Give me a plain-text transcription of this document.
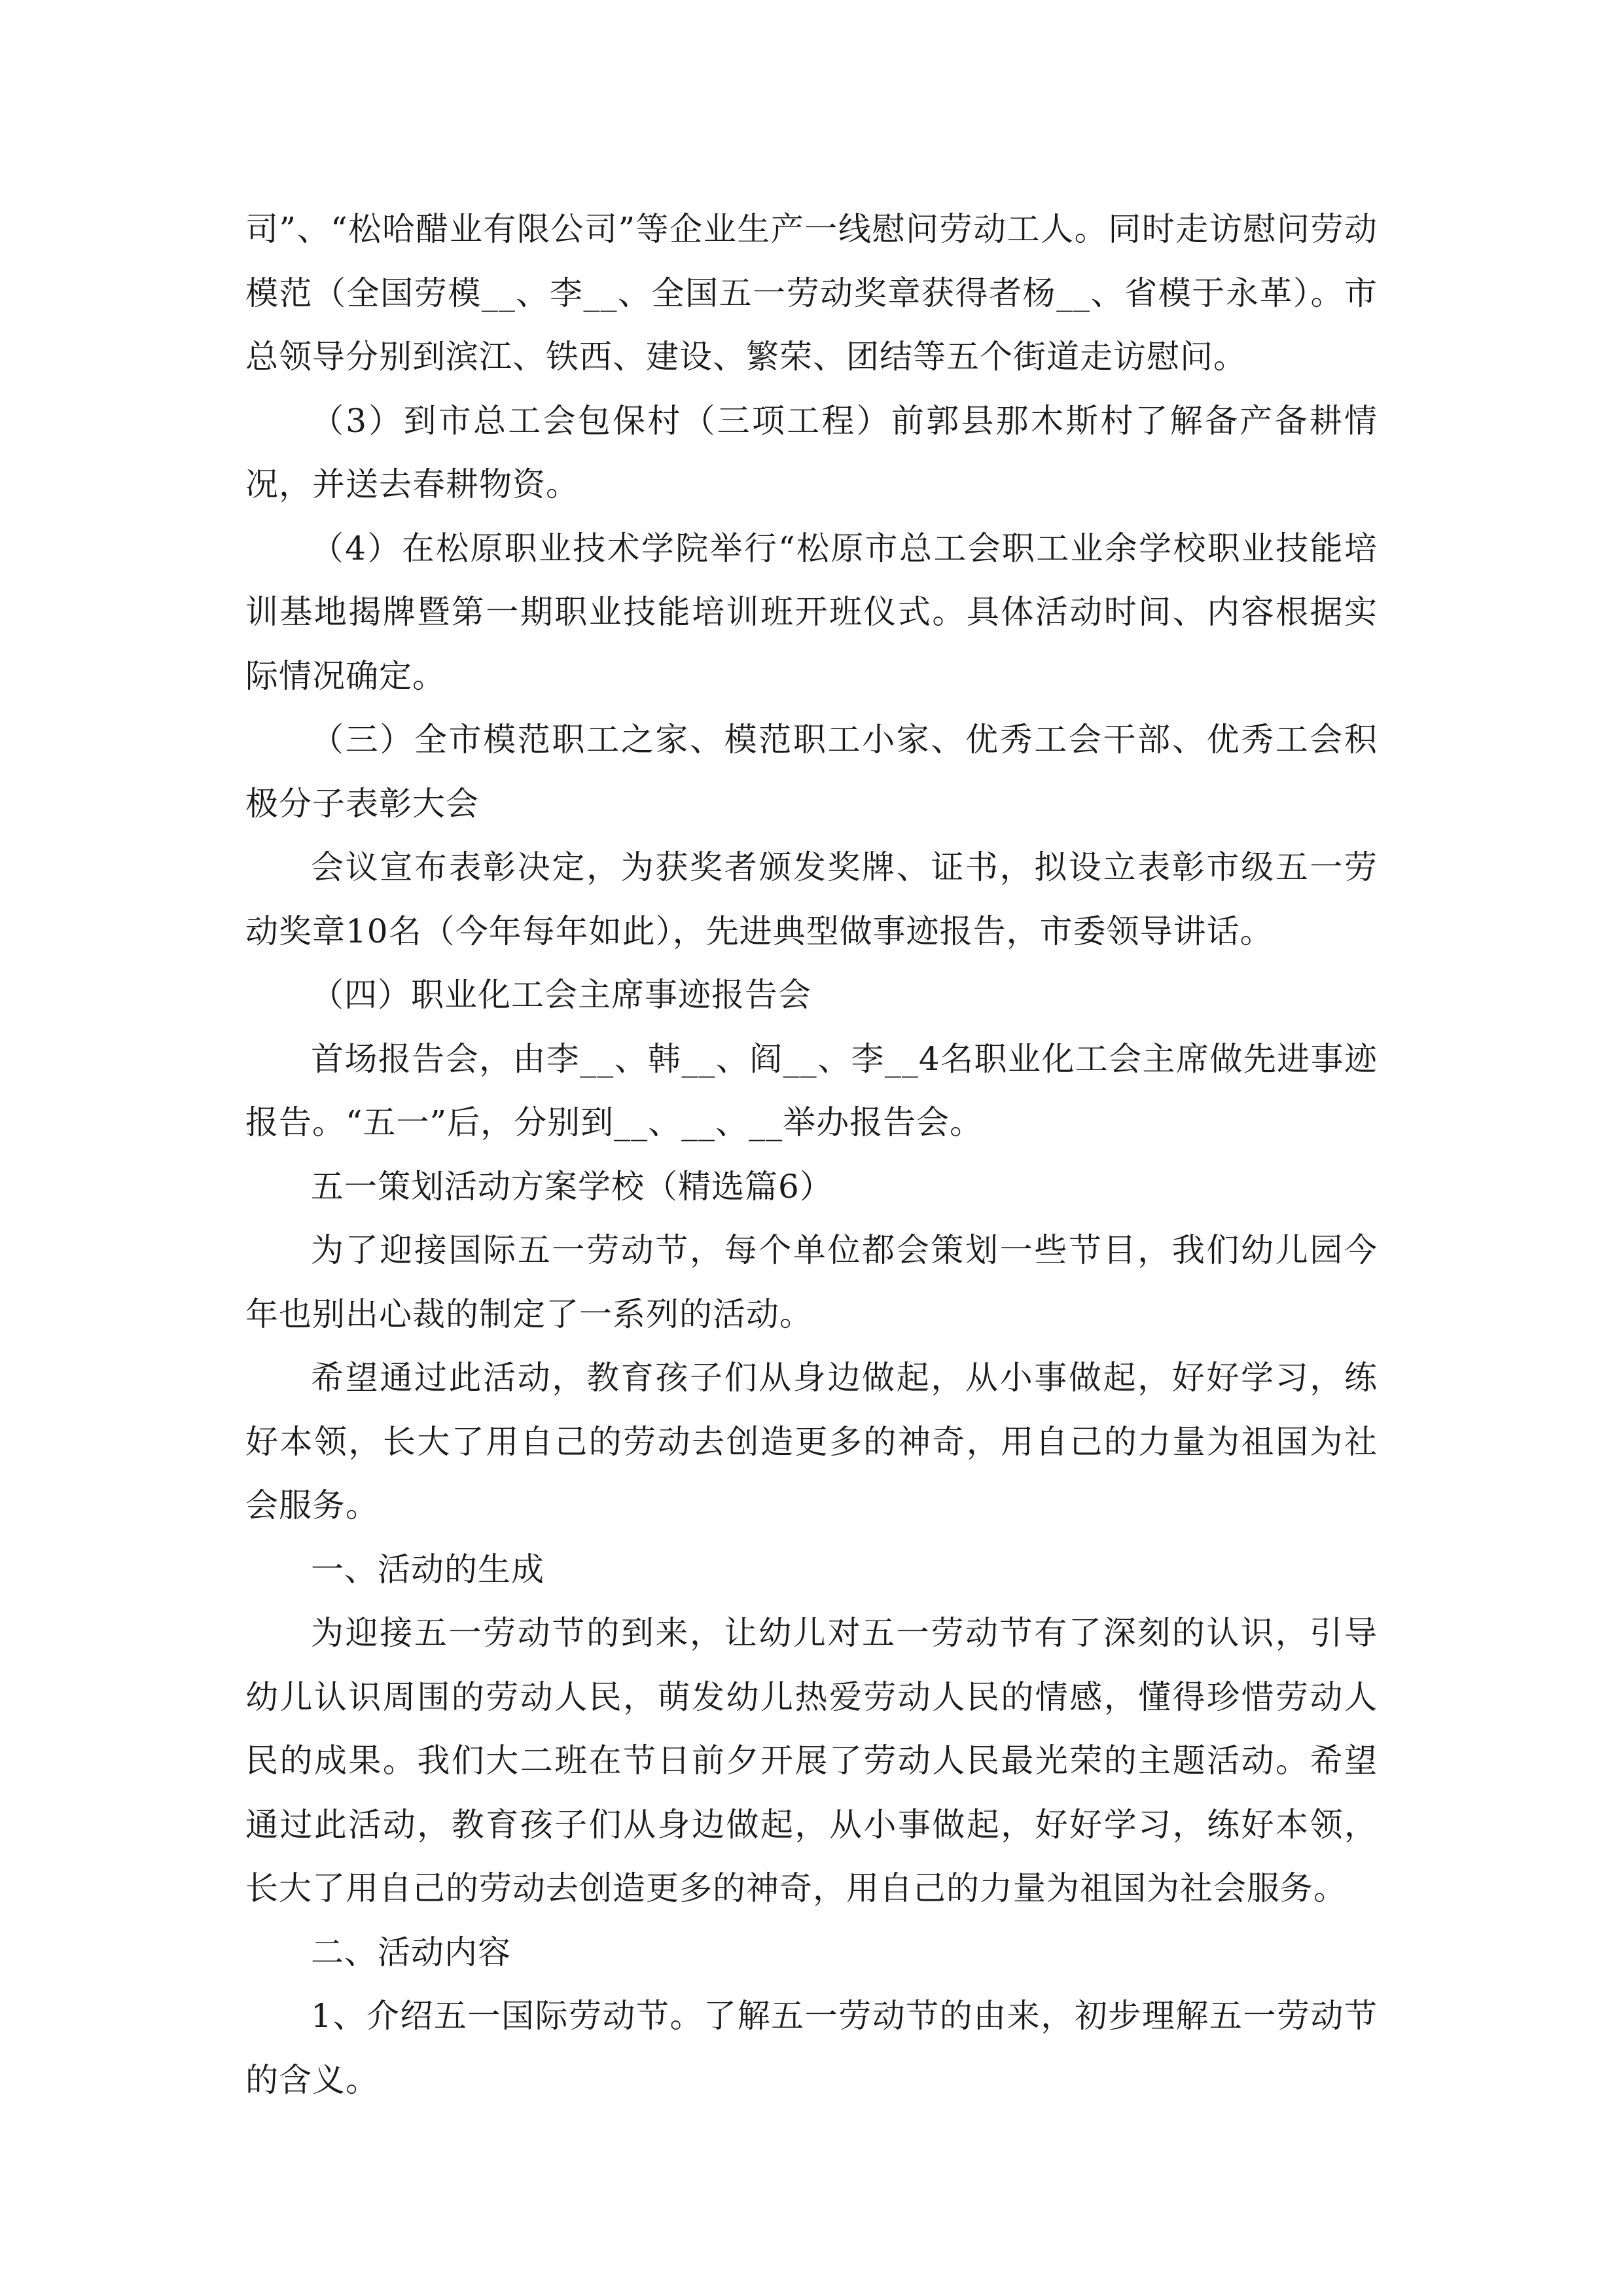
司”、“松哈醋业有限公司”等企业生产一线慰问劳动工人。同时走访慰问劳动模范（全国劳模__、李__、全国五一劳动奖章获得者杨__、省模于永革）。市总领导分别到滨江、铁西、建设、繁荣、团结等五个街道走访慰问。

（3）到市总工会包保村（三项工程）前郭县那木斯村了解备产备耕情况，并送去春耕物资。

（4）在松原职业技术学院举行“松原市总工会职工业余学校职业技能培训基地揭牌暨第一期职业技能培训班开班仪式。具体活动时间、内容根据实际情况确定。

（三）全市模范职工之家、模范职工小家、优秀工会干部、优秀工会积极分子表彰大会

会议宣布表彰决定，为获奖者颁发奖牌、证书，拟设立表彰市级五一劳动奖章10名（今年每年如此），先进典型做事迹报告，市委领导讲话。

（四）职业化工会主席事迹报告会

首场报告会，由李__、韩__、阎__、李__4名职业化工会主席做先进事迹报告。“五一”后，分别到__、__、__举办报告会。

五一策划活动方案学校（精选篇6）

为了迎接国际五一劳动节，每个单位都会策划一些节目，我们幼儿园今年也别出心裁的制定了一系列的活动。

希望通过此活动，教育孩子们从身边做起，从小事做起，好好学习，练好本领，长大了用自己的劳动去创造更多的神奇，用自己的力量为祖国为社会服务。

一、活动的生成

为迎接五一劳动节的到来，让幼儿对五一劳动节有了深刻的认识，引导幼儿认识周围的劳动人民，萌发幼儿热爱劳动人民的情感，懂得珍惜劳动人民的成果。我们大二班在节日前夕开展了劳动人民最光荣的主题活动。希望通过此活动，教育孩子们从身边做起，从小事做起，好好学习，练好本领，长大了用自己的劳动去创造更多的神奇，用自己的力量为祖国为社会服务。

二、活动内容

1、介绍五一国际劳动节。了解五一劳动节的由来，初步理解五一劳动节的含义。
